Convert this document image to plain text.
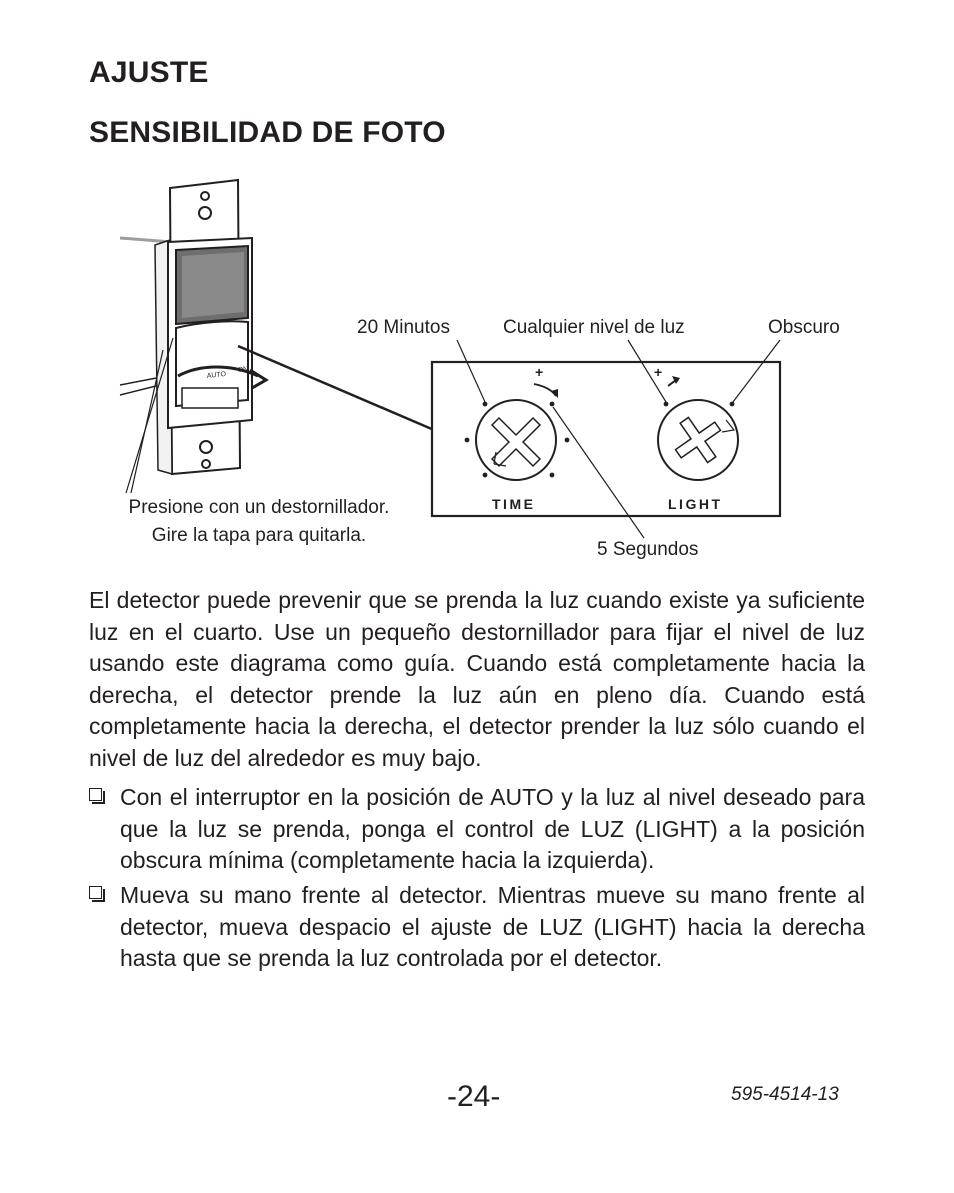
AJUSTE
SENSIBILIDAD DE FOTO
AUTO
ON	+
TIME
+
LIGHT
20 Minutos	Cualquier nivel de luz	Obscuro
5 Segundos
Presione con un destornillador.
Gire la tapa para quitarla.

El detector puede prevenir que se prenda la luz cuando existe ya suficiente luz en el cuarto. Use un pequeño destornillador para fijar el nivel de luz usando este diagrama como guía. Cuando está completamente hacia la derecha, el detector prende la luz aún en pleno día. Cuando está completamente hacia la derecha, el detector prender la luz sólo cuando el nivel de luz del alrededor es muy bajo.

Con el interruptor en la posición de AUTO y la luz al nivel deseado para que la luz se prenda, ponga el control de LUZ (LIGHT) a la posición obscura mínima (completamente hacia la izquierda).
Mueva su mano frente al detector. Mientras mueve su mano frente al detector, mueva despacio el ajuste de LUZ (LIGHT) hacia la derecha hasta que se prenda la luz controlada por el detector.
-24-	595-4514-13
